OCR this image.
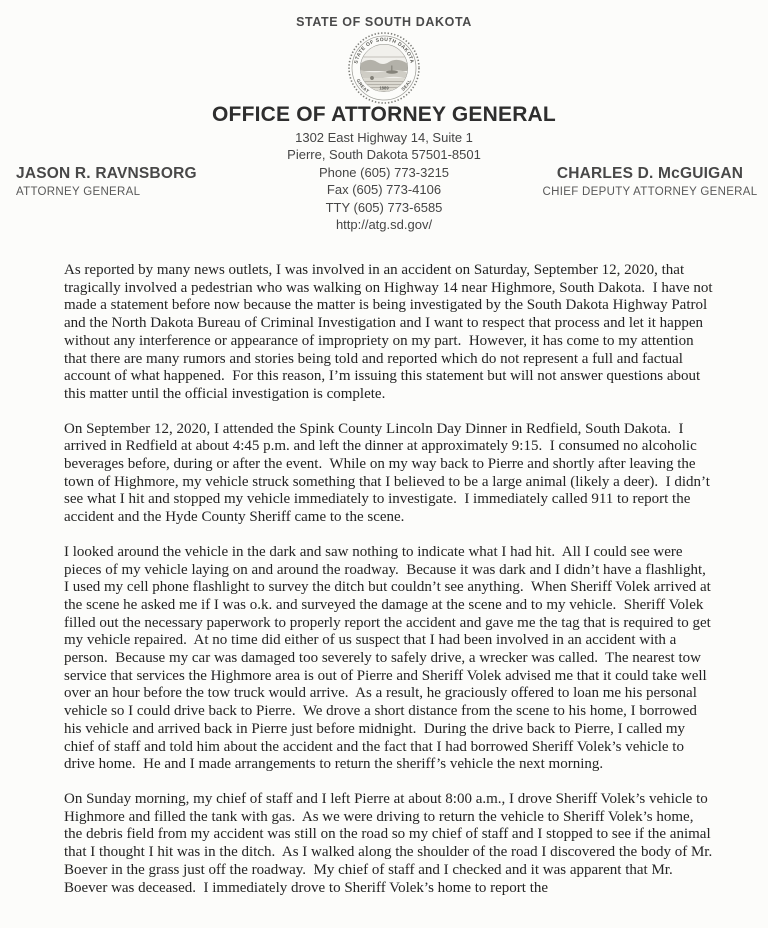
STATE OF SOUTH DAKOTA
STATE OF SOUTH DAKOTA
GREAT	SEAL
1889
OFFICE OF ATTORNEY GENERAL
1302 East Highway 14, Suite 1
Pierre, South Dakota 57501-8501
Phone (605) 773-3215
Fax (605) 773-4106
TTY (605) 773-6585
http://atg.sd.gov/
JASON R. RAVNSBORG
ATTORNEY GENERAL
CHARLES D. McGUIGAN
CHIEF DEPUTY ATTORNEY GENERAL

As reported by many news outlets, I was involved in an accident on Saturday, September 12, 2020, that tragically involved a pedestrian who was walking on Highway 14 near Highmore, South Dakota.  I have not made a statement before now because the matter is being investigated by the South Dakota Highway Patrol and the North Dakota Bureau of Criminal Investigation and I want to respect that process and let it happen without any interference or appearance of impropriety on my part.  However, it has come to my attention that there are many rumors and stories being told and reported which do not represent a full and factual account of what happened.  For this reason, I’m issuing this statement but will not answer questions about this matter until the official investigation is complete.

On September 12, 2020, I attended the Spink County Lincoln Day Dinner in Redfield, South Dakota.  I arrived in Redfield at about 4:45 p.m. and left the dinner at approximately 9:15.  I consumed no alcoholic beverages before, during or after the event.  While on my way back to Pierre and shortly after leaving the town of Highmore, my vehicle struck something that I believed to be a large animal (likely a deer).  I didn’t see what I hit and stopped my vehicle immediately to investigate.  I immediately called 911 to report the accident and the Hyde County Sheriff came to the scene.

I looked around the vehicle in the dark and saw nothing to indicate what I had hit.  All I could see were pieces of my vehicle laying on and around the roadway.  Because it was dark and I didn’t have a flashlight, I used my cell phone flashlight to survey the ditch but couldn’t see anything.  When Sheriff Volek arrived at the scene he asked me if I was o.k. and surveyed the damage at the scene and to my vehicle.  Sheriff Volek filled out the necessary paperwork to properly report the accident and gave me the tag that is required to get my vehicle repaired.  At no time did either of us suspect that I had been involved in an accident with a person.  Because my car was damaged too severely to safely drive, a wrecker was called.  The nearest tow service that services the Highmore area is out of Pierre and Sheriff Volek advised me that it could take well over an hour before the tow truck would arrive.  As a result, he graciously offered to loan me his personal vehicle so I could drive back to Pierre.  We drove a short distance from the scene to his home, I borrowed his vehicle and arrived back in Pierre just before midnight.  During the drive back to Pierre, I called my chief of staff and told him about the accident and the fact that I had borrowed Sheriff Volek’s vehicle to drive home.  He and I made arrangements to return the sheriff’s vehicle the next morning.

On Sunday morning, my chief of staff and I left Pierre at about 8:00 a.m., I drove Sheriff Volek’s vehicle to Highmore and filled the tank with gas.  As we were driving to return the vehicle to Sheriff Volek’s home, the debris field from my accident was still on the road so my chief of staff and I stopped to see if the animal that I thought I hit was in the ditch.  As I walked along the shoulder of the road I discovered the body of Mr. Boever in the grass just off the roadway.  My chief of staff and I checked and it was apparent that Mr. Boever was deceased.  I immediately drove to Sheriff Volek’s home to report the
